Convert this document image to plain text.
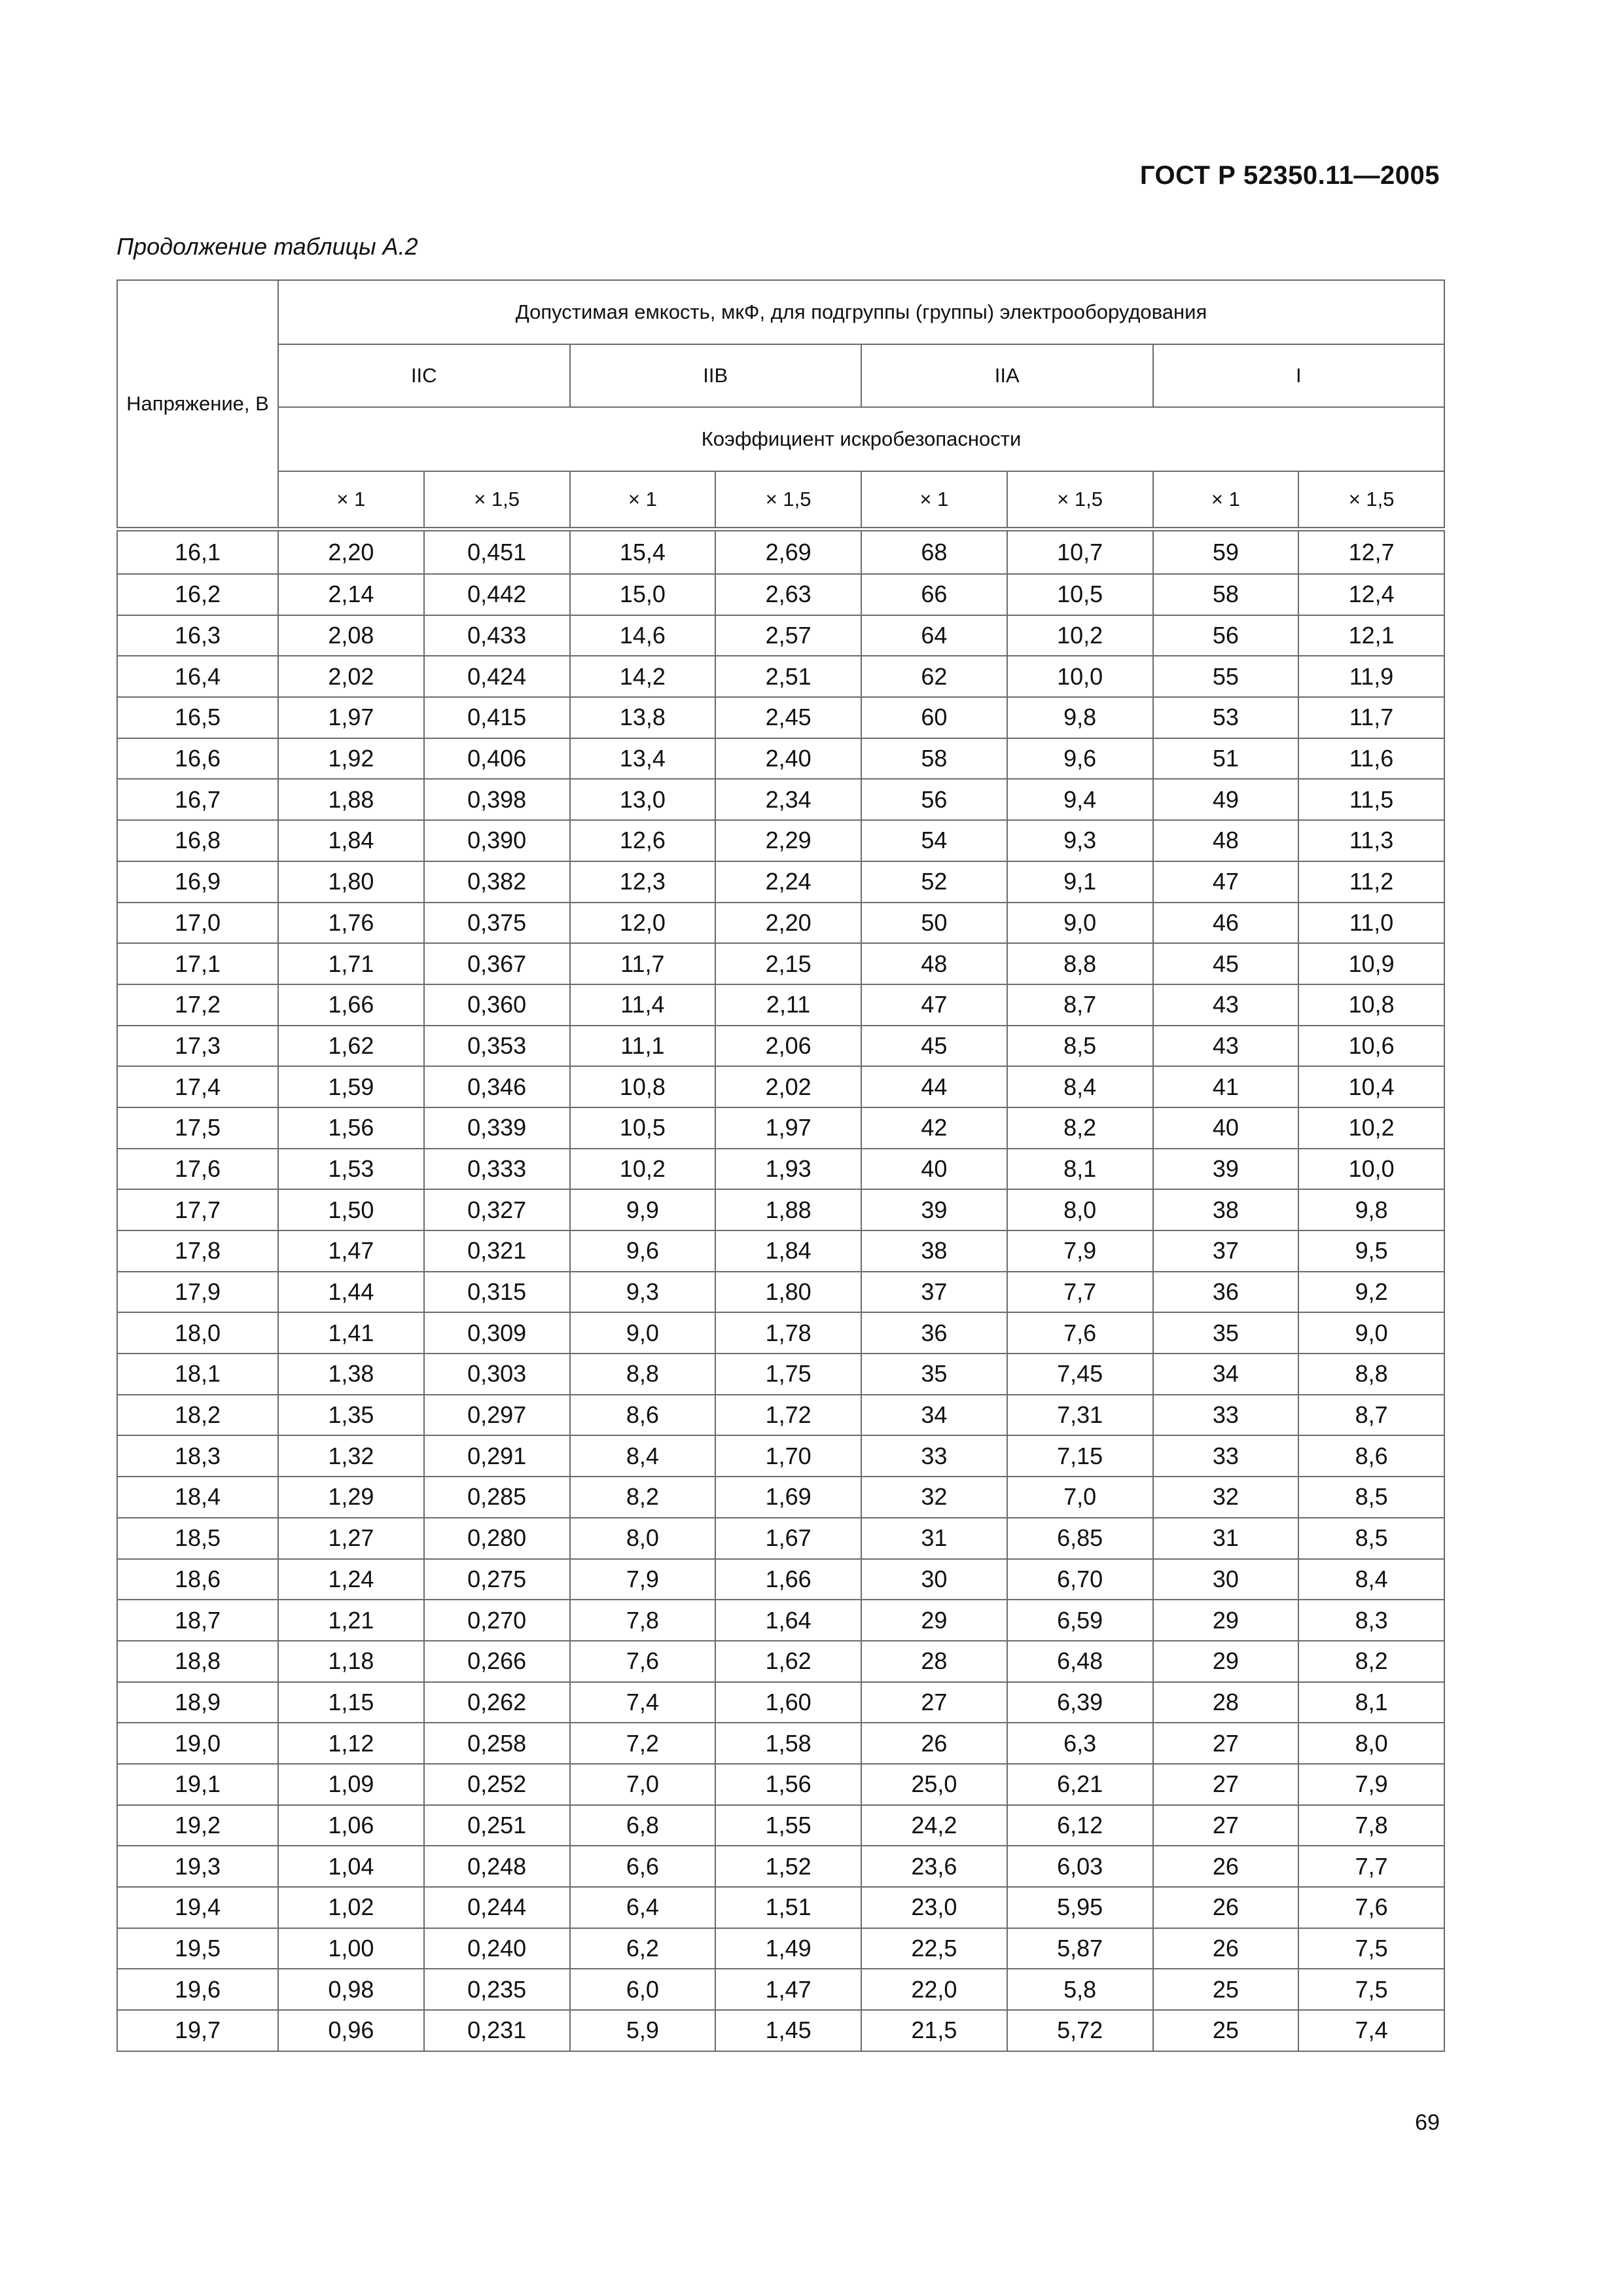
ГОСТ Р 52350.11—2005
Продолжение таблицы А.2
Напряжение, В	Допустимая емкость, мкФ, для подгруппы (группы) электрооборудования							
	IIC		IIB		IIA		I	
	Коэффициент искробезопасности							
	× 1	× 1,5	× 1	× 1,5	× 1	× 1,5	× 1	× 1,5
16,1	2,20	0,451	15,4	2,69	68	10,7	59	12,7
16,2	2,14	0,442	15,0	2,63	66	10,5	58	12,4
16,3	2,08	0,433	14,6	2,57	64	10,2	56	12,1
16,4	2,02	0,424	14,2	2,51	62	10,0	55	11,9
16,5	1,97	0,415	13,8	2,45	60	9,8	53	11,7
16,6	1,92	0,406	13,4	2,40	58	9,6	51	11,6
16,7	1,88	0,398	13,0	2,34	56	9,4	49	11,5
16,8	1,84	0,390	12,6	2,29	54	9,3	48	11,3
16,9	1,80	0,382	12,3	2,24	52	9,1	47	11,2
17,0	1,76	0,375	12,0	2,20	50	9,0	46	11,0
17,1	1,71	0,367	11,7	2,15	48	8,8	45	10,9
17,2	1,66	0,360	11,4	2,11	47	8,7	43	10,8
17,3	1,62	0,353	11,1	2,06	45	8,5	43	10,6
17,4	1,59	0,346	10,8	2,02	44	8,4	41	10,4
17,5	1,56	0,339	10,5	1,97	42	8,2	40	10,2
17,6	1,53	0,333	10,2	1,93	40	8,1	39	10,0
17,7	1,50	0,327	9,9	1,88	39	8,0	38	9,8
17,8	1,47	0,321	9,6	1,84	38	7,9	37	9,5
17,9	1,44	0,315	9,3	1,80	37	7,7	36	9,2
18,0	1,41	0,309	9,0	1,78	36	7,6	35	9,0
18,1	1,38	0,303	8,8	1,75	35	7,45	34	8,8
18,2	1,35	0,297	8,6	1,72	34	7,31	33	8,7
18,3	1,32	0,291	8,4	1,70	33	7,15	33	8,6
18,4	1,29	0,285	8,2	1,69	32	7,0	32	8,5
18,5	1,27	0,280	8,0	1,67	31	6,85	31	8,5
18,6	1,24	0,275	7,9	1,66	30	6,70	30	8,4
18,7	1,21	0,270	7,8	1,64	29	6,59	29	8,3
18,8	1,18	0,266	7,6	1,62	28	6,48	29	8,2
18,9	1,15	0,262	7,4	1,60	27	6,39	28	8,1
19,0	1,12	0,258	7,2	1,58	26	6,3	27	8,0
19,1	1,09	0,252	7,0	1,56	25,0	6,21	27	7,9
19,2	1,06	0,251	6,8	1,55	24,2	6,12	27	7,8
19,3	1,04	0,248	6,6	1,52	23,6	6,03	26	7,7
19,4	1,02	0,244	6,4	1,51	23,0	5,95	26	7,6
19,5	1,00	0,240	6,2	1,49	22,5	5,87	26	7,5
19,6	0,98	0,235	6,0	1,47	22,0	5,8	25	7,5
19,7	0,96	0,231	5,9	1,45	21,5	5,72	25	7,4
69
